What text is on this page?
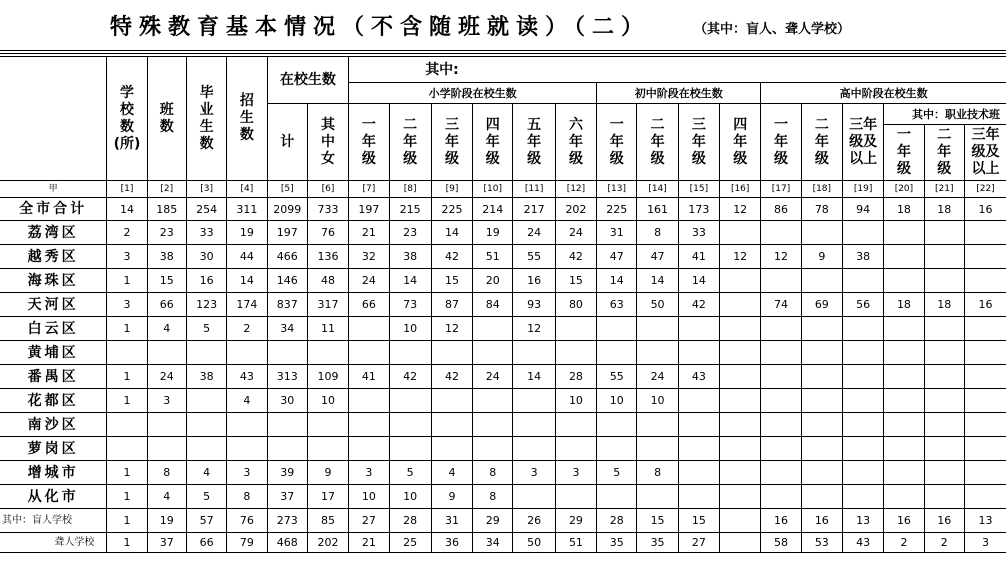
特殊教育基本情况（不含随班就读）（二）	（其中：盲人、聋人学校）
	学校数(所)	班数	毕业生数	招生数	在校生数		其中:															
							小学阶段在校生数						初中阶段在校生数				高中阶段在校生数					
					计	其中女	一年级	二年级	三年级	四年级	五年级	六年级	一年级	二年级	三年级	四年级	一年级	二年级	三年级及以上	其中：职业技术班		
																				一年级	二年级	三年级及以上

甲	[1]	[2]	[3]	[4]	[5]	[6]	[7]	[8]	[9]	[10]	[11]	[12]	[13]	[14]	[15]	[16]	[17]	[18]	[19]	[20]	[21]	[22]
全市合计	14	185	254	311	2099	733	197	215	225	214	217	202	225	161	173	12	86	78	94	18	18	16
荔湾区	2	23	33	19	197	76	21	23	14	19	24	24	31	8	33							
越秀区	3	38	30	44	466	136	32	38	42	51	55	42	47	47	41	12	12	9	38			
海珠区	1	15	16	14	146	48	24	14	15	20	16	15	14	14	14							
天河区	3	66	123	174	837	317	66	73	87	84	93	80	63	50	42		74	69	56	18	18	16
白云区	1	4	5	2	34	11		10	12		12											
黄埔区																						
番禺区	1	24	38	43	313	109	41	42	42	24	14	28	55	24	43							
花都区	1	3		4	30	10						10	10	10								
南沙区																						
萝岗区																						
增城市	1	8	4	3	39	9	3	5	4	8	3	3	5	8								
从化市	1	4	5	8	37	17	10	10	9	8												
其中：盲人学校	1	19	57	76	273	85	27	28	31	29	26	29	28	15	15		16	16	13	16	16	13
聋人学校	1	37	66	79	468	202	21	25	36	34	50	51	35	35	27		58	53	43	2	2	3
